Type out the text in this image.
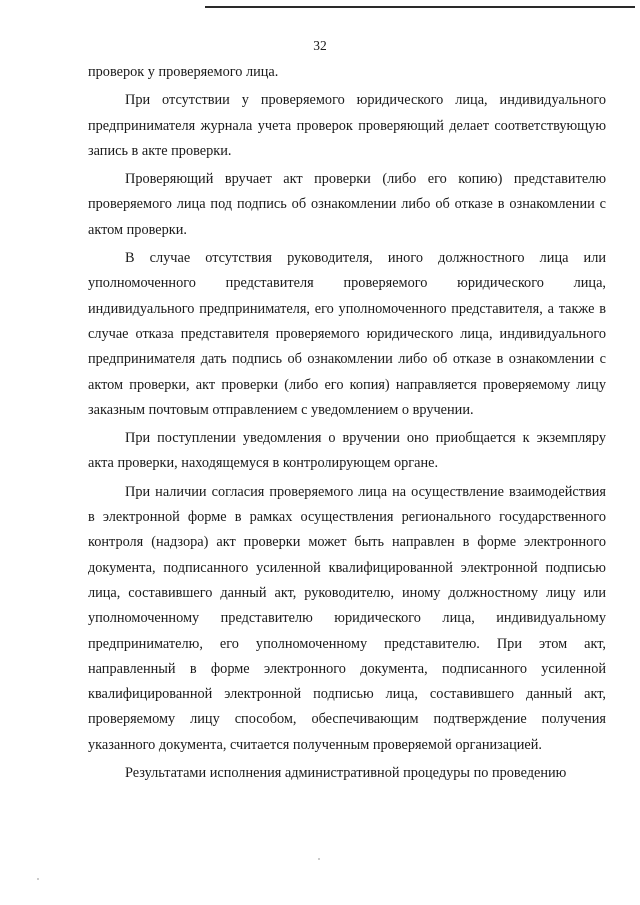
32

проверок у проверяемого лица.

При отсутствии у проверяемого юридического лица, индивидуального предпринимателя журнала учета проверок проверяющий делает соответствующую запись в акте проверки.

Проверяющий вручает акт проверки (либо его копию) представителю проверяемого лица под подпись об ознакомлении либо об отказе в ознакомлении с актом проверки.

В случае отсутствия руководителя, иного должностного лица или уполномоченного представителя проверяемого юридического лица, индивидуального предпринимателя, его уполномоченного представителя, а также в случае отказа представителя проверяемого юридического лица, индивидуального предпринимателя дать подпись об ознакомлении либо об отказе в ознакомлении с актом проверки, акт проверки (либо его копия) направляется проверяемому лицу заказным почтовым отправлением с уведомлением о вручении.

При поступлении уведомления о вручении оно приобщается к экземпляру акта проверки, находящемуся в контролирующем органе.

При наличии согласия проверяемого лица на осуществление взаимодействия в электронной форме в рамках осуществления регионального государственного контроля (надзора) акт проверки может быть направлен в форме электронного документа, подписанного усиленной квалифицированной электронной подписью лица, составившего данный акт, руководителю, иному должностному лицу или уполномоченному представителю юридического лица, индивидуальному предпринимателю, его уполномоченному представителю. При этом акт, направленный в форме электронного документа, подписанного усиленной квалифицированной электронной подписью лица, составившего данный акт, проверяемому лицу способом, обеспечивающим подтверждение получения указанного документа, считается полученным проверяемой организацией.

Результатами исполнения административной процедуры по проведению
